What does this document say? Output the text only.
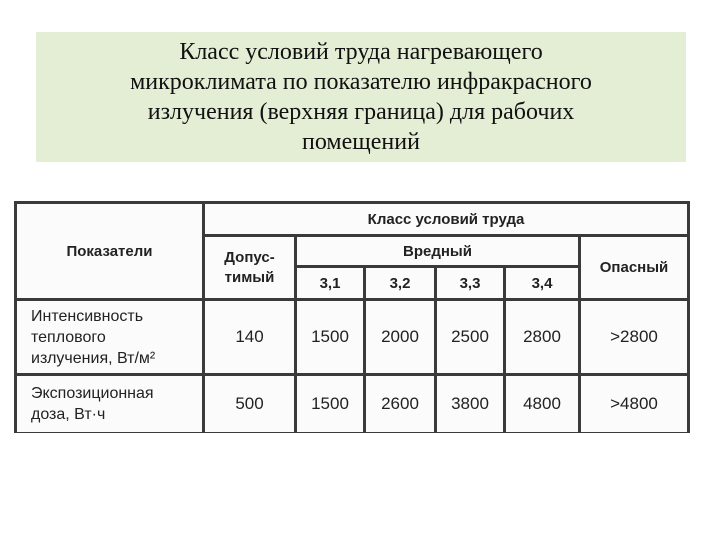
Класс условий труда нагревающего
микроклимата по показателю инфракрасного
излучения (верхняя граница) для рабочих
помещений
Показатели	Класс условий труда					
	Допус-
тимый	Вредный				Опасный
		3,1	3,2	3,3	3,4	
Интенсивность
теплового
излучения, Вт/м²	140	1500	2000	2500	2800	>2800
Экспозиционная
доза, Вт·ч	500	1500	2600	3800	4800	>4800
